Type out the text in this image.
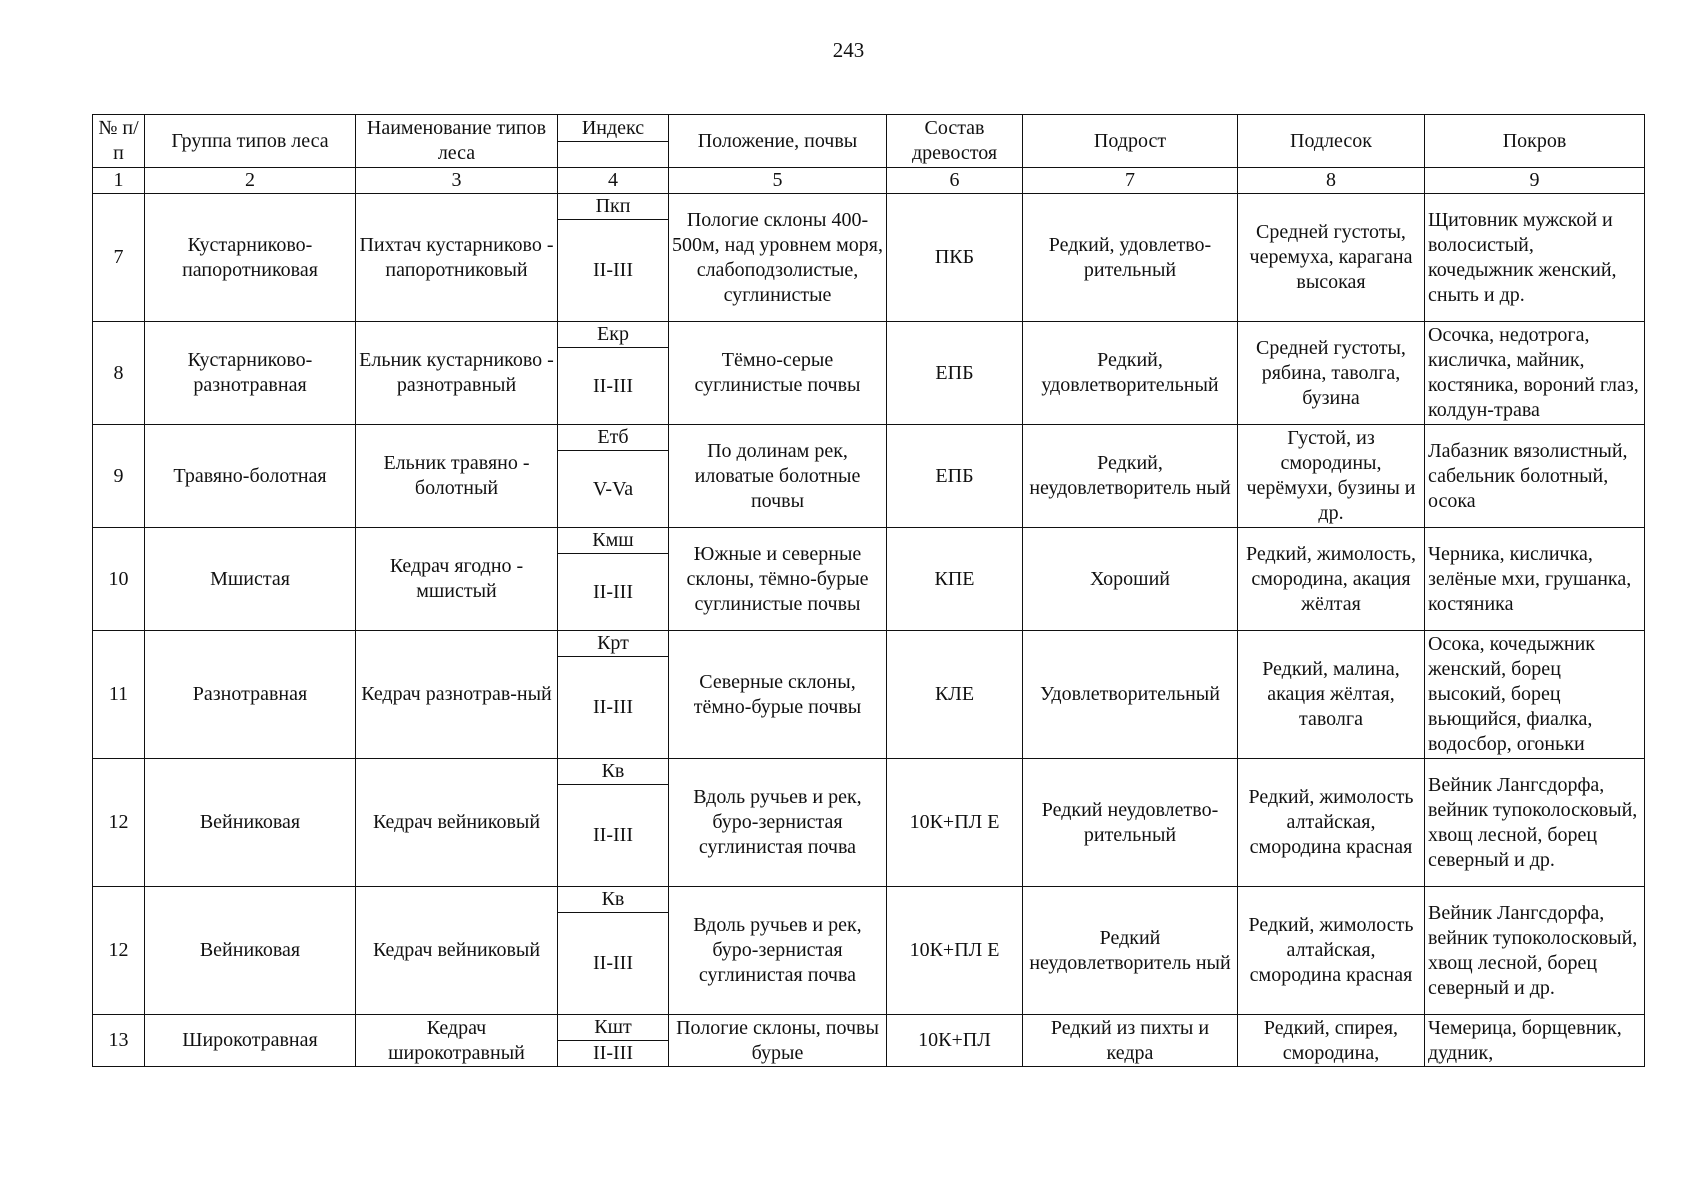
243
№ п/п	Группа типов леса	Наименование типов леса	Индекс	Положение, почвы	Состав древостоя	Подрост	Подлесок	Покров

1	2	3	4	5	6	7	8	9
7	Кустарниково-папоротниковая	Пихтач кустарниково - папоротниковый	Пкп	Пологие склоны 400-500м, над уровнем моря, слабоподзолистые, суглинистые	ПКБ	Редкий, удовлетво-рительный	Средней густоты, черемуха, карагана высокая	Щитовник мужской и волосистый, кочедыжник женский, сныть и др.
			II-III					
8	Кустарниково-разнотравная	Ельник кустарниково - разнотравный	Екр	Тёмно-серые суглинистые почвы	ЕПБ	Редкий, удовлетворительный	Средней густоты, рябина, таволга, бузина	Осочка, недотрога, кисличка, майник, костяника, вороний глаз, колдун-трава
			II-III					
9	Травяно-болотная	Ельник травяно - болотный	Етб	По долинам рек, иловатые болотные почвы	ЕПБ	Редкий, неудовлетворитель ный	Густой, из смородины, черёмухи, бузины и др.	Лабазник вязолистный, сабельник болотный, осока
			V-Va					
10	Мшистая	Кедрач ягодно - мшистый	Кмш	Южные и северные склоны, тёмно-бурые суглинистые почвы	КПЕ	Хороший	Редкий, жимолость, смородина, акация жёлтая	Черника, кисличка, зелёные мхи, грушанка, костяника
			II-III					
11	Разнотравная	Кедрач разнотрав-ный	Крт	Северные склоны, тёмно-бурые почвы	КЛЕ	Удовлетворительный	Редкий, малина, акация жёлтая, таволга	Осока, кочедыжник женский, борец высокий, борец вьющийся, фиалка, водосбор, огоньки
			II-III					
12	Вейниковая	Кедрач вейниковый	Кв	Вдоль ручьев и рек, буро-зернистая суглинистая почва	10К+ПЛ Е	Редкий неудовлетво-рительный	Редкий, жимолость алтайская, смородина красная	Вейник Лангсдорфа, вейник тупоколосковый, хвощ лесной, борец северный и др.
			II-III					
12	Вейниковая	Кедрач вейниковый	Кв	Вдоль ручьев и рек, буро-зернистая суглинистая почва	10К+ПЛ Е	Редкий неудовлетворитель ный	Редкий, жимолость алтайская, смородина красная	Вейник Лангсдорфа, вейник тупоколосковый, хвощ лесной, борец северный и др.
			II-III					
13	Широкотравная	Кедрач широкотравный	Кшт	Пологие склоны, почвы бурые	10К+ПЛ	Редкий из пихты и кедра	Редкий, спирея, смородина,	Чемерица, борщевник, дудник,
			II-III					
